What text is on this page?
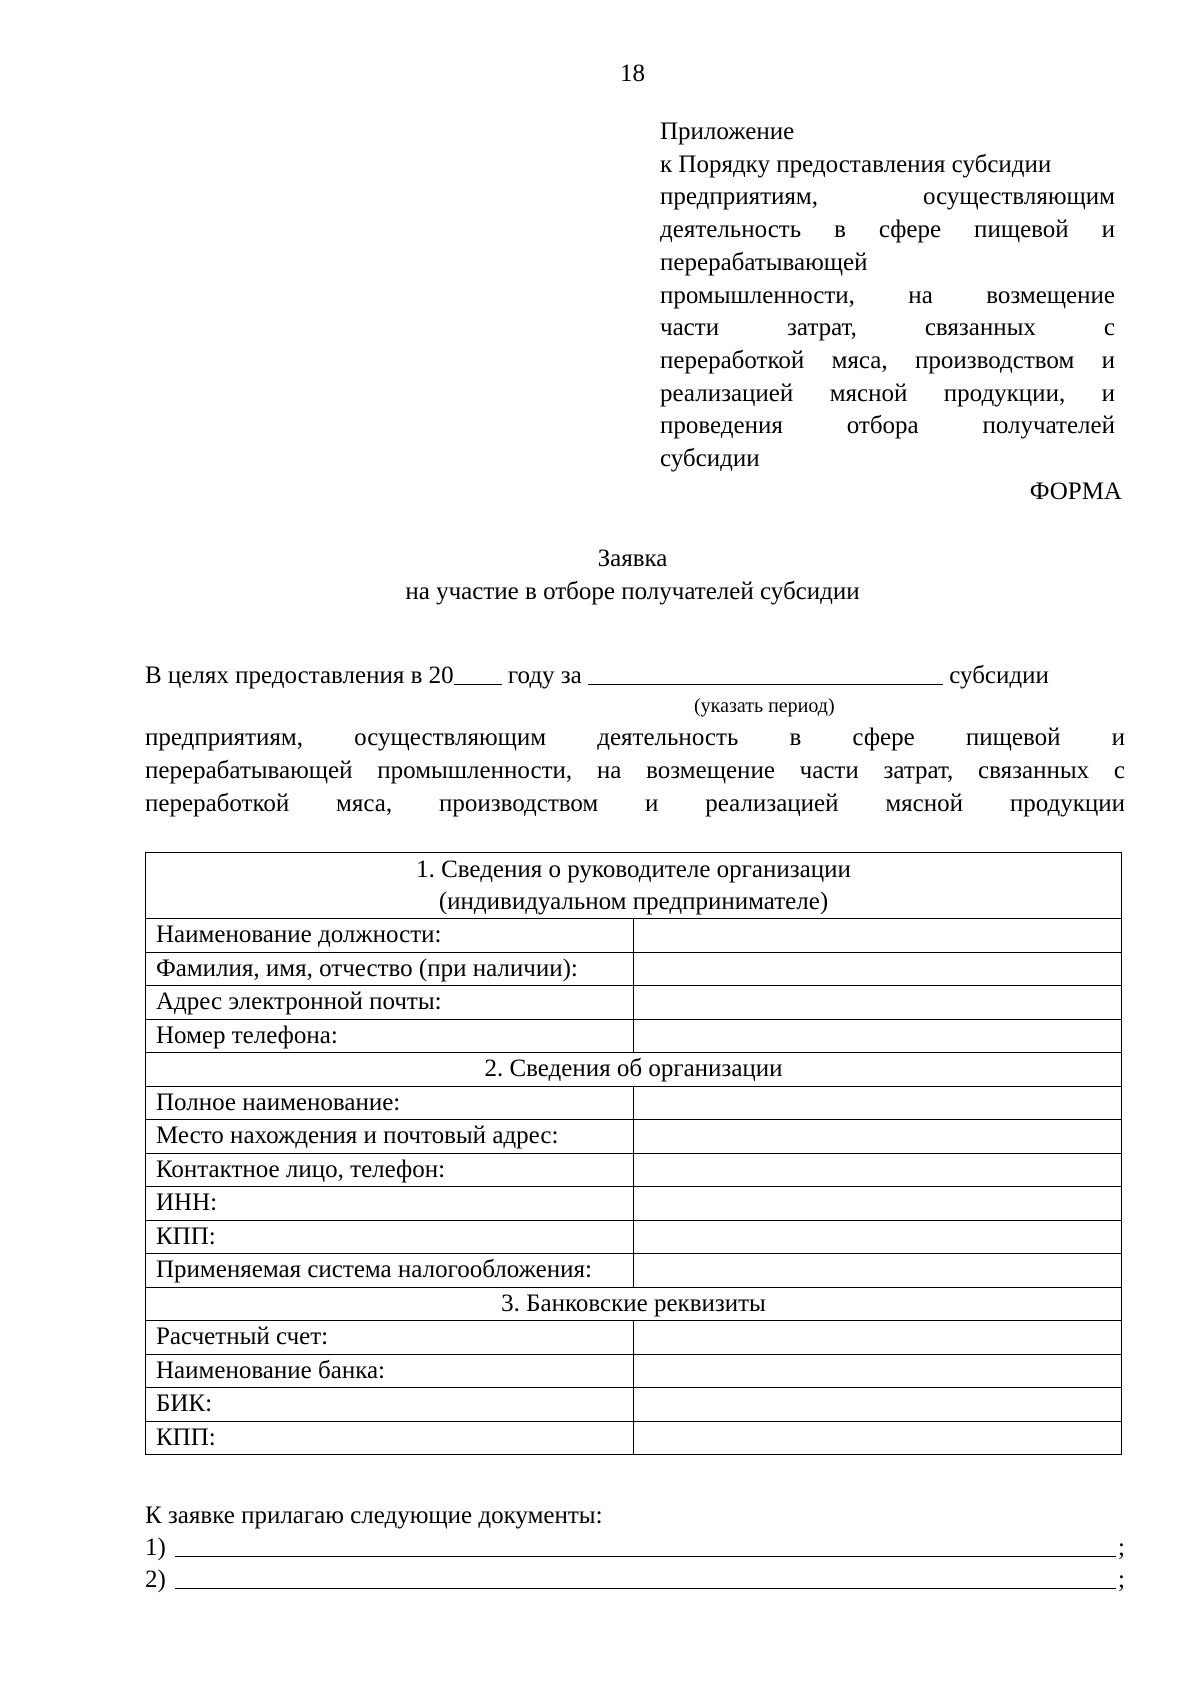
18
Приложение
к Порядку предоставления субсидии
предприятиям, осуществляющим
деятельность в сфере пищевой и
перерабатывающей
промышленности, на возмещение
части затрат, связанных с
переработкой мяса, производством и
реализацией мясной продукции, и
проведения отбора получателей
субсидии
ФОРМА
Заявка
на участие в отборе получателей субсидии
В целях предоставления в 20 году за	субсидии
(указать период)
предприятиям, осуществляющим деятельность в сфере пищевой и
перерабатывающей промышленности, на возмещение части затрат, связанных с
переработкой мяса, производством и реализацией мясной продукции
1. Сведения о руководителе организации
(индивидуальном предпринимателе)	

Наименование должности:	
Фамилия, имя, отчество (при наличии):	
Адрес электронной почты:	
Номер телефона:	
2. Сведения об организации	
Полное наименование:	
Место нахождения и почтовый адрес:	
Контактное лицо, телефон:	
ИНН:	
КПП:	
Применяемая система налогообложения:	
3. Банковские реквизиты	
Расчетный счет:	
Наименование банка:	
БИК:	
КПП:	
К заявке прилагаю следующие документы:
1)	;
2)	;
